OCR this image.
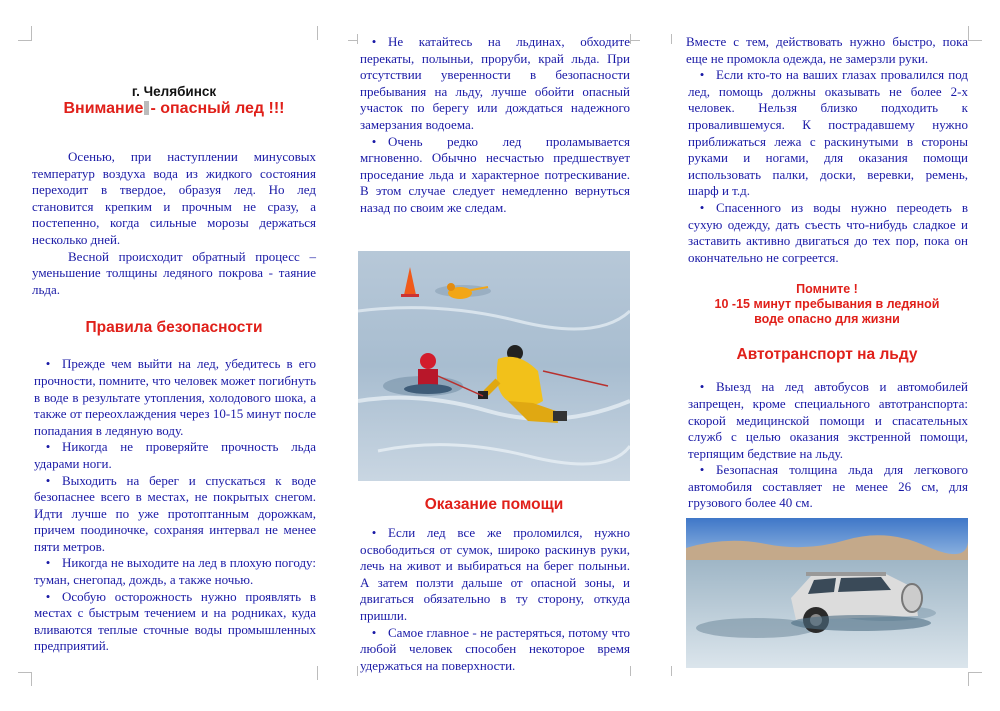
г. Челябинск

Внимание - опасный лед !!!

Осенью, при наступлении минусовых температур воздуха вода из жидкого состояния переходит в твердое, образуя лед. Но лед становится крепким и прочным не сразу, а постепенно, когда сильные морозы держаться несколько дней.

Весной происходит обратный процесс – уменьшение толщины ледяного покрова - таяние льда.

Правила безопасности

• Прежде чем выйти на лед, убедитесь в его прочности, помните, что человек может погибнуть в воде в результате утопления, холодового шока, а также от переохлаждения через 10-15 минут после попадания в ледяную воду.

• Никогда не проверяйте прочность льда ударами ноги.

• Выходить на берег и спускаться к воде безопаснее всего в местах, не покрытых снегом. Идти лучше по уже протоптанным дорожкам, причем поодиночке, сохраняя интервал не менее пяти метров.

• Никогда не выходите на лед в плохую погоду: туман, снегопад, дождь, а также ночью.

• Особую осторожность нужно проявлять в местах с быстрым течением и на родниках, куда вливаются теплые сточные воды промышленных предприятий.

• Не катайтесь на льдинах, обходите перекаты, полыньи, проруби, край льда. При отсутствии уверенности в безопасности пребывания на льду, лучше обойти опасный участок по берегу или дождаться надежного замерзания водоема.

• Очень редко лед проламывается мгновенно. Обычно несчастью предшествует проседание льда и характерное потрескивание. В этом случае следует немедленно вернуться назад по своим же следам.

Оказание помощи

• Если лед все же проломился, нужно освободиться от сумок, широко раскинув руки, лечь на живот и выбираться на берег полыньи. А затем ползти дальше от опасной зоны, и двигаться обязательно в ту сторону, откуда пришли.

• Самое главное - не растеряться, потому что любой человек способен некоторое время удержаться на поверхности.

Вместе с тем, действовать нужно быстро, пока еще не промокла одежда, не замерзли руки.

• Если кто-то на ваших глазах провалился под лед, помощь должны оказывать не более 2-х человек. Нельзя близко подходить к провалившемуся. К пострадавшему нужно приближаться лежа с раскинутыми в стороны руками и ногами, для оказания помощи использовать палки, доски, веревки, ремень, шарф и т.д.

• Спасенного из воды нужно переодеть в сухую одежду, дать съесть что-нибудь сладкое и заставить активно двигаться до тех пор, пока он окончательно не согреется.

Помните !

10 -15 минут пребывания в ледяной

воде опасно для жизни

Автотранспорт на льду

• Выезд на лед автобусов и автомобилей запрещен, кроме специального автотранспорта: скорой медицинской помощи и спасательных служб с целью оказания экстренной помощи, терпящим бедствие на льду.

• Безопасная толщина льда для легкового автомобиля составляет не менее 26 см, для грузового более 40 см.
